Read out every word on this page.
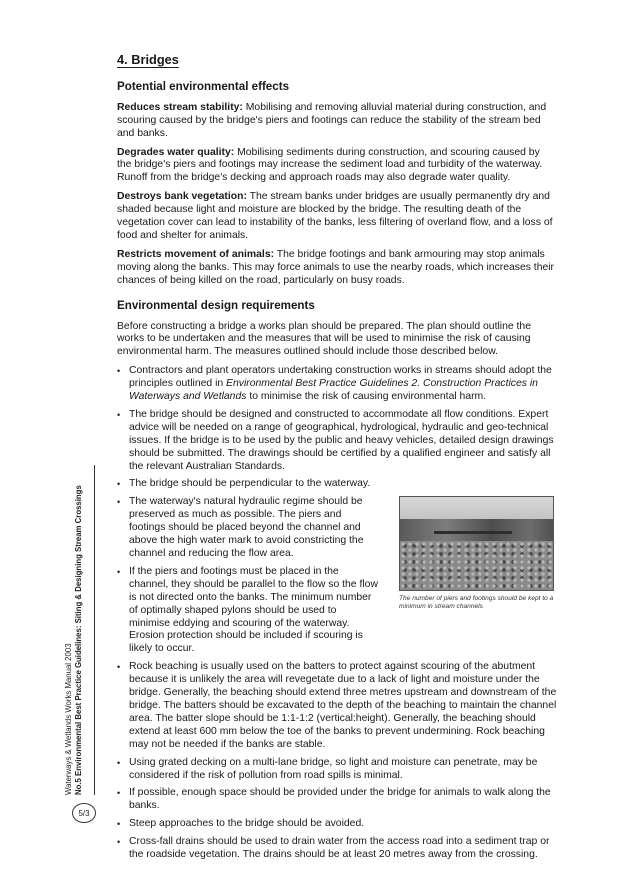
4. Bridges
Potential environmental effects

Reduces stream stability: Mobilising and removing alluvial material during construction, and scouring caused by the bridge's piers and footings can reduce the stability of the stream bed and banks.

Degrades water quality: Mobilising sediments during construction, and scouring caused by the bridge's piers and footings may increase the sediment load and turbidity of the waterway. Runoff from the bridge's decking and approach roads may also degrade water quality.

Destroys bank vegetation: The stream banks under bridges are usually permanently dry and shaded because light and moisture are blocked by the bridge. The resulting death of the vegetation cover can lead to instability of the banks, less filtering of overland flow, and a loss of food and shelter for animals.

Restricts movement of animals: The bridge footings and bank armouring may stop animals moving along the banks. This may force animals to use the nearby roads, which increases their chances of being killed on the road, particularly on busy roads.

Environmental design requirements

Before constructing a bridge a works plan should be prepared. The plan should outline the works to be undertaken and the measures that will be used to minimise the risk of causing environmental harm. The measures outlined should include those described below.

• Contractors and plant operators undertaking construction works in streams should adopt the principles outlined in Environmental Best Practice Guidelines 2. Construction Practices in Waterways and Wetlands to minimise the risk of causing environmental harm.
• The bridge should be designed and constructed to accommodate all flow conditions. Expert advice will be needed on a range of geographical, hydrological, hydraulic and geo-technical issues. If the bridge is to be used by the public and heavy vehicles, detailed design drawings should be submitted. The drawings should be certified by a qualified engineer and satisfy all the relevant Australian Standards.
• The bridge should be perpendicular to the waterway.
• The waterway's natural hydraulic regime should be preserved as much as possible. The piers and footings should be placed beyond the channel and above the high water mark to avoid constricting the channel and reducing the flow area.
• If the piers and footings must be placed in the channel, they should be parallel to the flow so the flow is not directed onto the banks. The minimum number of optimally shaped pylons should be used to minimise eddying and scouring of the waterway. Erosion protection should be included if scouring is likely to occur.
The number of piers and footings should be kept to a minimum in stream channels
• Rock beaching is usually used on the batters to protect against scouring of the abutment because it is unlikely the area will revegetate due to a lack of light and moisture under the bridge. Generally, the beaching should extend three metres upstream and downstream of the bridge. The batters should be excavated to the depth of the beaching to maintain the channel area. The batter slope should be 1:1-1:2 (vertical:height). Generally, the beaching should extend at least 600 mm below the toe of the banks to prevent undermining. Rock beaching may not be needed if the banks are stable.
• Using grated decking on a multi-lane bridge, so light and moisture can penetrate, may be considered if the risk of pollution from road spills is minimal.
• If possible, enough space should be provided under the bridge for animals to walk along the banks.
• Steep approaches to the bridge should be avoided.
• Cross-fall drains should be used to drain water from the access road into a sediment trap or the roadside vegetation. The drains should be at least 20 metres away from the crossing.
Waterways & Wetlands Works Manual 2003 No.5 Environmental Best Practice Guidelines: Siting & Designing Stream Crossings
5/3
